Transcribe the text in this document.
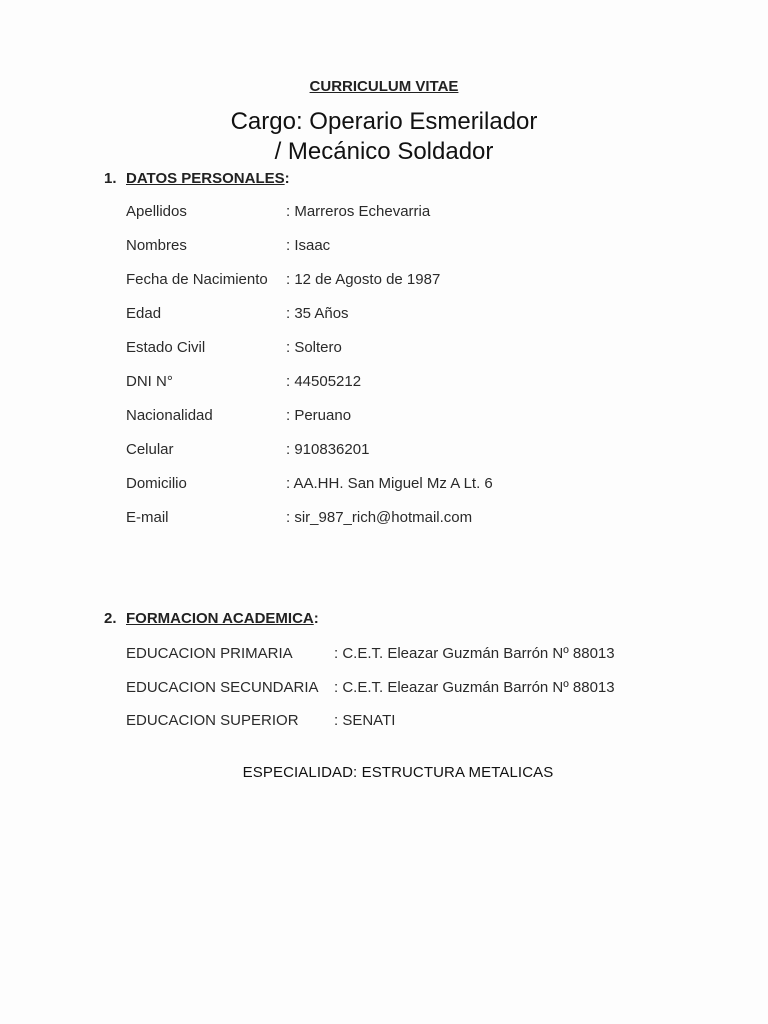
CURRICULUM VITAE
Cargo: Operario Esmerilador
/ Mecánico Soldador
1. DATOS PERSONALES:
Apellidos	: Marreros Echevarria
Nombres	: Isaac
Fecha de Nacimiento : 12 de Agosto de 1987
Edad	: 35 Años
Estado Civil	: Soltero
DNI N°	: 44505212
Nacionalidad	: Peruano
Celular	: 910836201
Domicilio	: AA.HH. San Miguel Mz A Lt. 6
E-mail	: sir_987_rich@hotmail.com
2. FORMACION ACADEMICA:
EDUCACION PRIMARIA	: C.E.T. Eleazar Guzmán Barrón Nº 88013
EDUCACION SECUNDARIA : C.E.T. Eleazar Guzmán Barrón Nº 88013
EDUCACION SUPERIOR : SENATI
ESPECIALIDAD: ESTRUCTURA METALICAS
